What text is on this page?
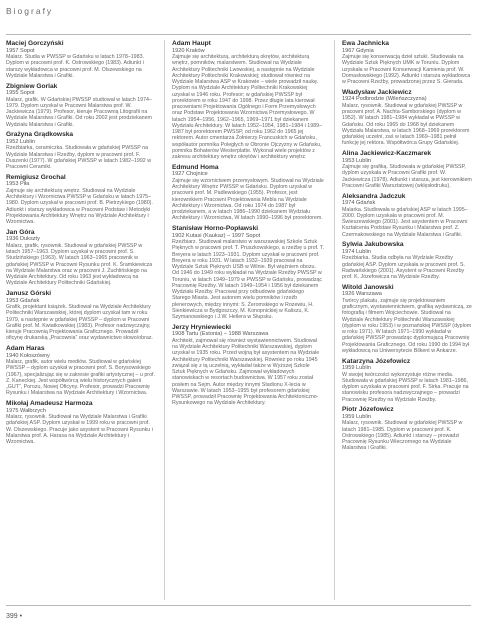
Biografy
Maciej Gorczyński
1957 Sopot
Malarz. Studia w PWSSP w Gdańsku w latach 1978–1983. Dyplom w pracowni prof. K. Ostrowskiego (1983). Adiunkt i starszy wykładowca w pracowni prof. M. Olszewskiego na Wydziale Malarstwa i Grafiki.
Zbigniew Gorlak
1955 Sopot
Malarz, grafik. W Gdańskiej PWSSP studiował w latach 1974–1979. Dyplom uzyskał w Pracowni Malarstwa prof. W. Jackiewicza (1979). Profesor, kieruje Pracownią Litografii na Wydziale Malarstwa i Grafiki. Od roku 2002 jest prodziekanem Wydziału Malarstwa i Grafiki.
Grażyna Grądkowska
1952 Lublin
Rzeźbiarka, ceramiczka. Studiowała w gdańskiej PWSSP na Wydziale Malarstwa i Rzeźby, dyplom w pracowni prof. F. Duszenki (1977). W gdańskiej PWSSP w latach 1982–1992 w Pracowni Ceramiki.
Remigiusz Grochal
1953 Piła
Zajmuje się architekturą wnętrz. Studiował na Wydziale Architektury i Wzornictwa PWSSP w Gdańsku w latach 1975–1980. Dyplom uzyskał w pracowni prof. B. Pietrzykiego (1980). Adiunkt i starszy wykładowca w Pracowni Podstaw i Metodyki Projektowania Architektury Wnętrz na Wydziale Architektury i Wzornictwa.
Jan Góra
1936 Dukszty
Malarz, grafik, rysownik. Studiował w gdańskiej PWSSP w latach 1957–1963. Dyplom uzyskał w pracowni prof. S. Studzińskiego (1963). W latach 1963–1965 pracownik w gdańskiej PWSSP w Pracowni Rysunku prof. K. Śramkiewicza na Wydziale Malarstwa oraz w pracowni J. Żuchlińskiego na Wydziale Architektury. Od roku 1963 jest wykładowcą na Wydziale Architektury Politechniki Gdańskiej.
Janusz Górski
1953 Gdańsk
Grafik, projektant książek. Studiował na Wydziale Architektury Politechniki Warszawskiej, której dyplom uzyskał tam w roku 1979, a następnie w gdańskiej PWSSP – dyplom w Pracowni Grafiki prof. M. Kwiatkowskiej (1983). Profesor nadzwyczajny, kieruje Pracownią Projektowania Graficznego. Prowadził oficynę drukarską „Pracownia” oraz wydawnictwo słowo/obraz.
Adam Haras
1940 Kołoszówny
Malarz, grafik, autor wielu mediów. Studiował w gdańskiej PWSSP – dyplom uzyskał w pracowni prof. S. Borysowskiego (1967), specjalizując się w zakresie grafiki artystycznej – u prof. Z. Kaneckiej. Jest współtwórcą wielu historycznych galerii „GUT”, Porozu, Nowej Oficyny. Profesor, prowadzi Pracownię Rysunku i Malarstwa na Wydziale Architektury i Wzornictwa.
Mikołaj Amadeusz Harmoza
1975 Wałbrzych
Malarz, rysownik. Studiował na Wydziale Malarstwa i Grafiki gdańskiej ASP. Dyplom uzyskał w 1999 roku w pracowni prof. W. Olszewskiego. Pracuje jako asystent w Pracowni Rysunku i Malarstwa prof. A. Harasa na Wydziale Architektury i Wzornictwa.
Adam Haupt
1920 Kraków
Zajmuje się architekturą, architekturą okrętów, architekturą wnętrz, pomników, malarstwem. Studiował na Wydziale Architektury Politechniki Lwowskiej, a następnie na Wydziale Architektury Politechniki Krakowskiej; studiował również na Wydziale Malarstwa ASP w Krakowie – wiele prowadził naukę. Dyplom na Wydziale Architektury Politechniki Krakowskiej uzyskał w 1946 roku. Profesor; w gdańskiej PWSSP był prorektorem w roku 1947 do 1998. Przez długie lata kierował pracowniami Projektowania Ogólnego i Form Przemysłowych oraz Podstaw Projektowania Wzornictwa Przemysłowego. W latach 1954–1956, 1962–1965, 1969–1971 był dziekanem Wydziału Architektury. W latach 1952–1954, 1981–1984 i 1989–1987 był prorektorem PWSSP, od roku 1962 do 1965 jej rektorem. Autor cmentarza Żołnierzy Francuskich w Gdańsku, współautor pomnika Poległych w Obronie Ojczyzny w Gdańsku, pomnika Bohaterów Westerplatte. Wykonał wiele projektów z zakresu architektury wnętrz okrętów i architektury wnętrz.
Edmund Homa
1927 Chojnice
Zajmuje się wzornictwem przemysłowym. Studiował na Wydziale Architektury Wnętrz PWSSP w Gdańsku. Dyplom uzyskał w pracowni prof. M. Padlewskiego (1955). Profesor, jest kierownikiem Pracowni Projektowania Mebla na Wydziale Architektury i Wzornictwa. Od roku 1974 do 1987 był prodziekanem, a w latach 1986–1990 dziekanem Wydziału Architektury i Wzornictwa, W latach 1990–1996 był prorektorem.
Stanisław Horno-Popławski
1902 Kutasi (Kaukaz) – 1997 Sopot
Rzeźbiarz. Studiował malarstwo w warszawskiej Szkole Sztuk Pięknych w pracowni prof. T. Pruszkowskiego, a rzeźbę u prof. T. Breyera w latach 1923–1931. Dyplom uzyskał w pracowni prof. Breyera w roku 1931. W latach 1932–1939 pracował na Wydziale Sztuk Pięknych USB w Wilnie. Był więźniem obozu. Od 1946 do 1949 roku wykładał na Wydziale Rzeźby PWSSP w Toruniu, w latach 1949–1979 w PWSSP w Gdańsku, prowadząc Pracownię Rzeźby. W latach 1949–1954 i 1956 był dziekanem Wydziału Rzeźby. Pracował przy odbudowie gdańskiego Starego Miasta. Jest autorem wielu pomników i rzeźb plenerowych, między innymi: S. Żeromskiego w Rozewiu, H. Sienkiewicza w Bydgoszczy, M. Konopnickiej w Kaliszu, K. Szymanowskiego i J.W. Hellera w Słupsku.
Jerzy Hryniewiecki
1908 Tartu (Estonia) – 1988 Warszawa
Architekt, zajmował się również wystawiennictwem. Studiował na Wydziale Architektury Politechniki Warszawskiej, dyplom uzyskał w 1935 roku. Przed wojną był asystentem na Wydziale Architektury Politechniki Warszawskiej. Również po roku 1945 związał się z tą uczelnią, wykładał także w Wyższej Szkole Sztuk Pięknych w Gdańsku. Zajmował wykładowych stanowiskach w resortach budownictwa. W 1957 roku został posłem na Sejm. Autor między innymi Stadionu X-lecia w Warszawie. W latach 1953–1955 był profesorem gdańskiej PWSSP, prowadził Pracownię Projektowania Architektoniczno-Rysunkowego na Wydziale Architektury.
Ewa Jachnicka
1967 Gdynia
Zajmuje się konserwacją dzieł sztuki. Studiowała na Wydziale Sztuk Pięknych UMK w Toruniu. Dyplom uzyskała w Pracowni Konserwacji Kamienia prof. W. Domasłowskiego (1992). Adiunkt i starsza wykładowca w Pracowni Rzeźby, prowadzonej przez S. Gierada.
Władysław Jackiewicz
1924 Podbrodzie (Wileńszczyzna)
Malarz, rysownik. Studiował w gdańskiej PWSSP w pracowni prof. A. Nachta-Samborskiego (dyplom w 1952). W latach 1981–1984 wykładał w PWSSP w Gdańsku. Od roku 1965 do 1968 był dziekanem Wydziału Malarstwa, w latach 1968–1969 prorektorem gdańskiej uczelni, zaś w latach 1969–1981 pełnił funkcję jej rektora. Współtwórca Grupy Gdańskiej.
Alina Jackiewicz-Kaczmarek
1953 Lublin
Zajmuje się grafiką. Studiowała w gdańskiej PWSSP, dyplom uzyskała w Pracowni Grafiki prof. W. Jackiewicza (1978). Adiunkt i starsza, jest kierownikiem Pracowni Grafiki Warsztatowej (wklęsłodruku).
Aleksandra Jadczuk
1974 Gdańsk
Malarka. Studiowała w gdańskiej ASP w latach 1995–2000. Dyplom uzyskała w pracowni prof. M. Świeszewskiego (2001). Jest asystentem w Pracowni Kształcenia Podstaw Rysunku i Malarstwa prof. Z. Czermakowskiego na Wydziale Malarstwa i Grafiki.
Sylwia Jakubowska
1974 Lublin
Rzeźbiarka. Studia odbyła na Wydziale Rzeźby gdańskiej ASP. Dyplom uzyskała w pracowni prof. S. Radwańskiego (2001). Asystent w Pracowni Rzeźby prof. K. Józefowicza na Wydziale Rzeźby.
Witold Janowski
1926 Warszawa
Twórcy plakatu, zajmuje się projektowaniem graficznym, wystawiennictwem, grafiką wydawniczą, ze fotografią i filmem Wojciechowie. Studiował na Wydziale Architektury Politechniki Warszawskiej (dyplom w roku 1953) i w poznańskiej PWSSP (dyplom w roku 1971). W latach 1971–1990 wykładał w gdańskiej PWSSP prowadząc dyplomującą Pracownię Projektowania Graficznego. Od roku 1990 do 1994 był wykładowcą na Uniwersytecie Bilkent w Ankarze.
Katarzyna Józefowicz
1959 Lublin
W swojej twórczości wykorzystuje różne media. Studiowała w gdańskiej PWSSP w latach 1981–1986, dyplom uzyskała w pracowni prof. F. Sirka. Pracuje na stanowisku profesora nadzwyczajnego – prowadzi Pracownię Rzeźby na Wydziale Rzeźby.
Piotr Józefowicz
1959 Lublin
Malarz, rysownik. Studiował w gdańskiej PWSSP w latach 1981–1985. Dyplom w pracowni prof. K. Ostrowskiego (1985). Adiunkt i starszy – prowadzi Pracownię Rysunku Wieczornego na Wydziale Malarstwa i Grafiki.
399 •
